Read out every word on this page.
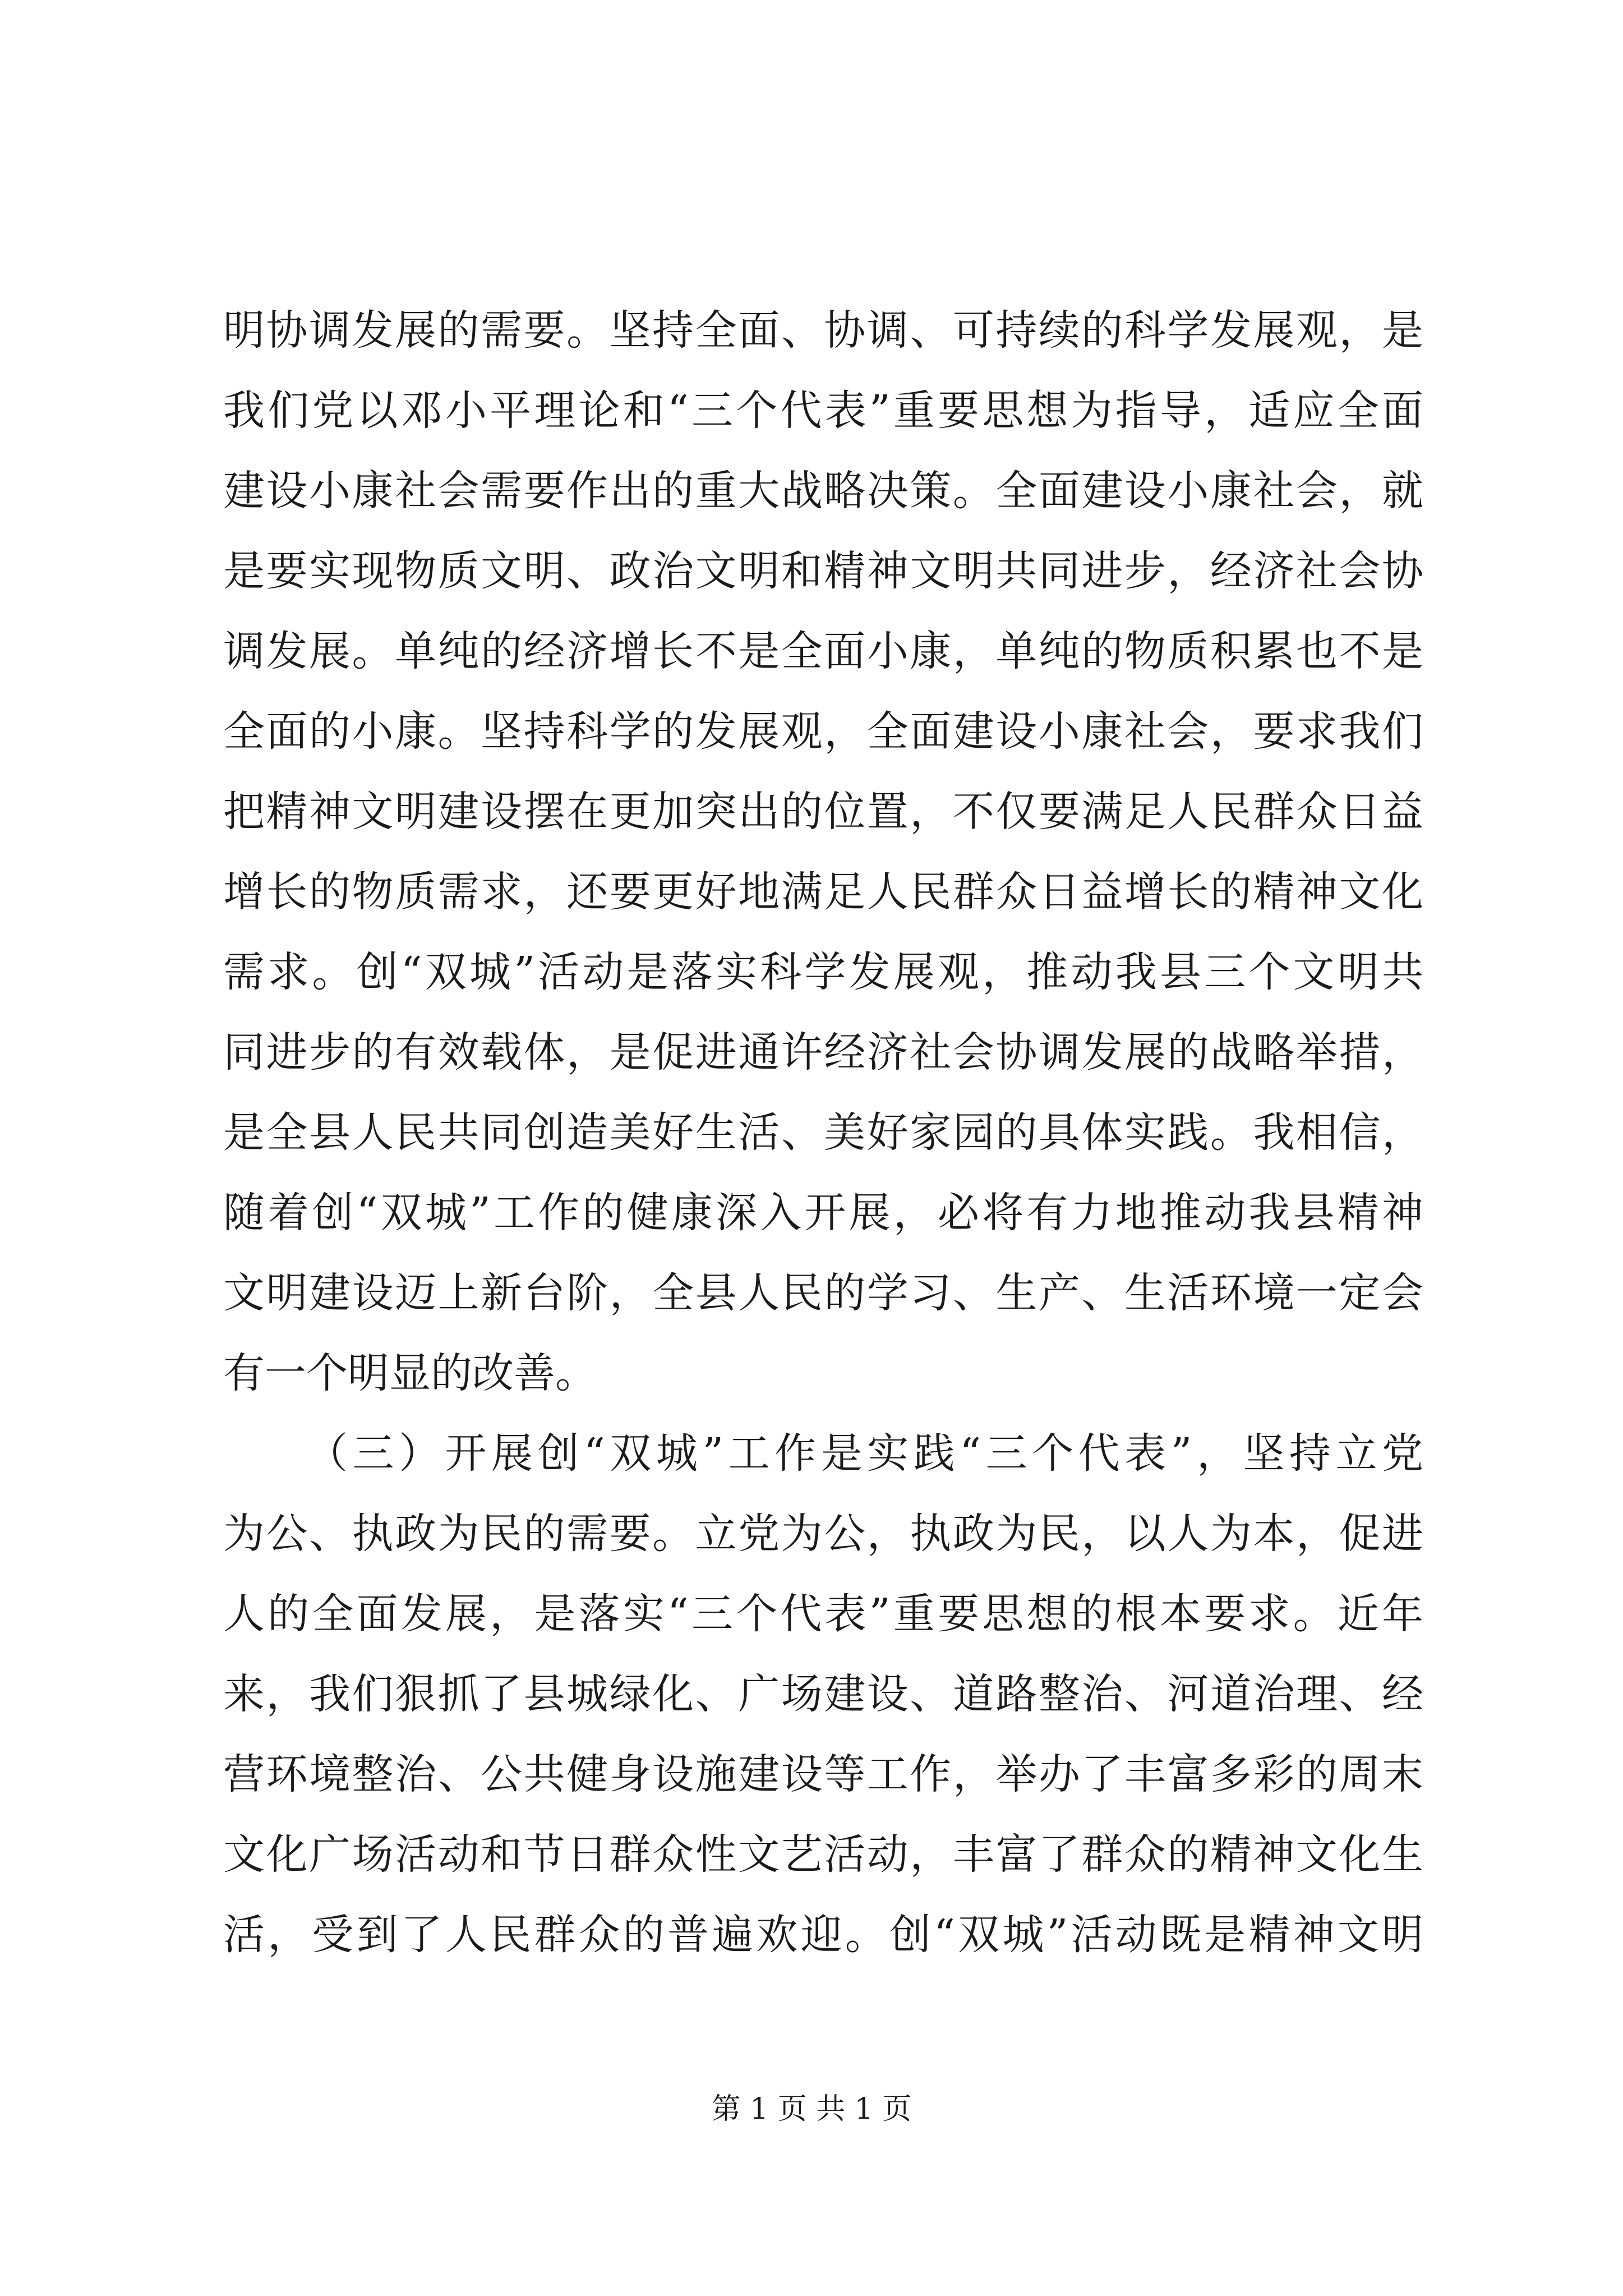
明协调发展的需要。坚持全面、协调、可持续的科学发展观，是
我们党以邓小平理论和“三个代表”重要思想为指导，适应全面
建设小康社会需要作出的重大战略决策。全面建设小康社会，就
是要实现物质文明、政治文明和精神文明共同进步，经济社会协
调发展。单纯的经济增长不是全面小康，单纯的物质积累也不是
全面的小康。坚持科学的发展观，全面建设小康社会，要求我们
把精神文明建设摆在更加突出的位置，不仅要满足人民群众日益
增长的物质需求，还要更好地满足人民群众日益增长的精神文化
需求。创“双城”活动是落实科学发展观，推动我县三个文明共
同进步的有效载体，是促进通许经济社会协调发展的战略举措，
是全县人民共同创造美好生活、美好家园的具体实践。我相信，
随着创“双城”工作的健康深入开展，必将有力地推动我县精神
文明建设迈上新台阶，全县人民的学习、生产、生活环境一定会
有一个明显的改善。
（三）开展创“双城”工作是实践“三个代表”，坚持立党
为公、执政为民的需要。立党为公，执政为民，以人为本，促进
人的全面发展，是落实“三个代表”重要思想的根本要求。近年
来，我们狠抓了县城绿化、广场建设、道路整治、河道治理、经
营环境整治、公共健身设施建设等工作，举办了丰富多彩的周末
文化广场活动和节日群众性文艺活动，丰富了群众的精神文化生
活，受到了人民群众的普遍欢迎。创“双城”活动既是精神文明
第 1 页 共 1 页
